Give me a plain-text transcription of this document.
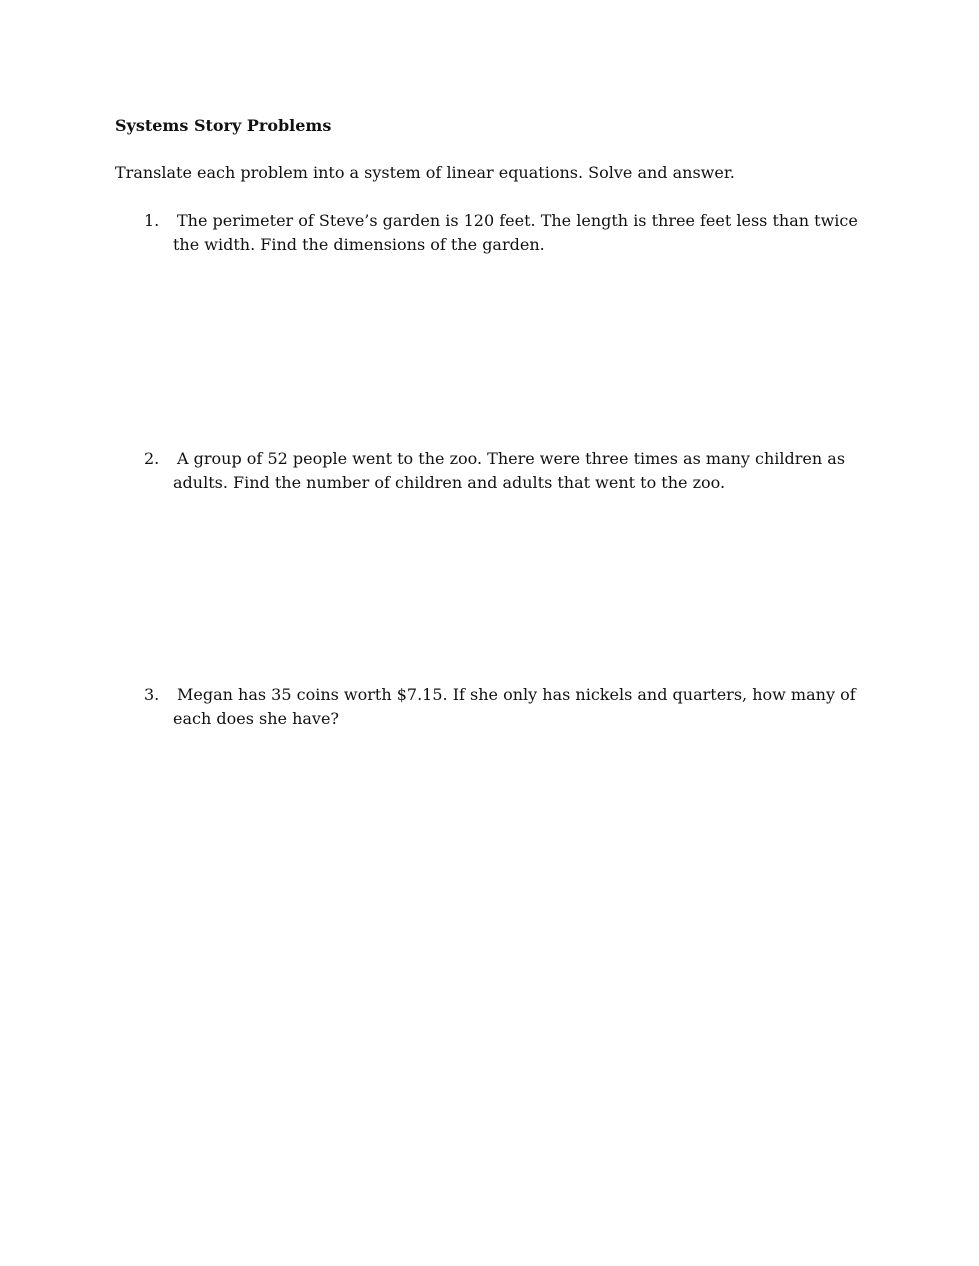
Systems Story Problems
Translate each problem into a system of linear equations. Solve and answer.
1.	The perimeter of Steve’s garden is 120 feet. The length is three feet less than twice the width. Find the dimensions of the garden.
2.	A group of 52 people went to the zoo. There were three times as many children as adults. Find the number of children and adults that went to the zoo.
3.	Megan has 35 coins worth $7.15. If she only has nickels and quarters, how many of each does she have?
